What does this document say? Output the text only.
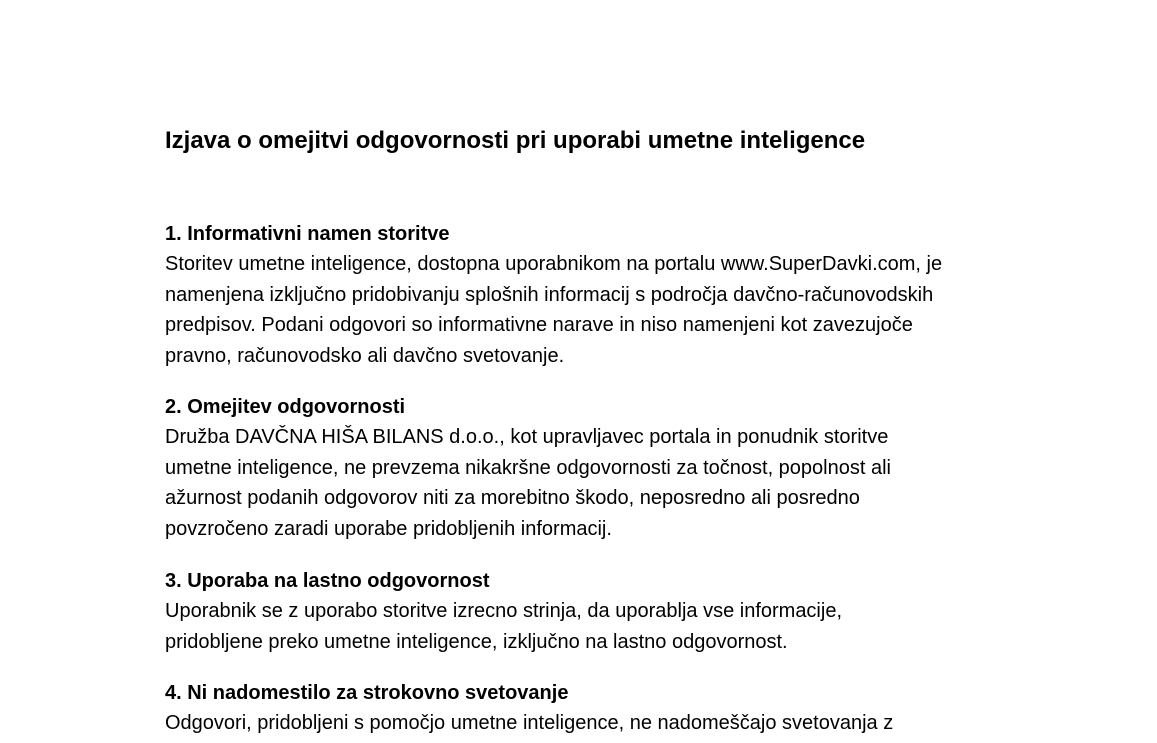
Izjava o omejitvi odgovornosti pri uporabi umetne inteligence
1. Informativni namen storitve

Storitev umetne inteligence, dostopna uporabnikom na portalu www.SuperDavki.com, je
namenjena izključno pridobivanju splošnih informacij s področja davčno-računovodskih
predpisov. Podani odgovori so informativne narave in niso namenjeni kot zavezujoče
pravno, računovodsko ali davčno svetovanje.

2. Omejitev odgovornosti

Družba DAVČNA HIŠA BILANS d.o.o., kot upravljavec portala in ponudnik storitve
umetne inteligence, ne prevzema nikakršne odgovornosti za točnost, popolnost ali
ažurnost podanih odgovorov niti za morebitno škodo, neposredno ali posredno
povzročeno zaradi uporabe pridobljenih informacij.

3. Uporaba na lastno odgovornost

Uporabnik se z uporabo storitve izrecno strinja, da uporablja vse informacije,
pridobljene preko umetne inteligence, izključno na lastno odgovornost.

4. Ni nadomestilo za strokovno svetovanje

Odgovori, pridobljeni s pomočjo umetne inteligence, ne nadomeščajo svetovanja z
